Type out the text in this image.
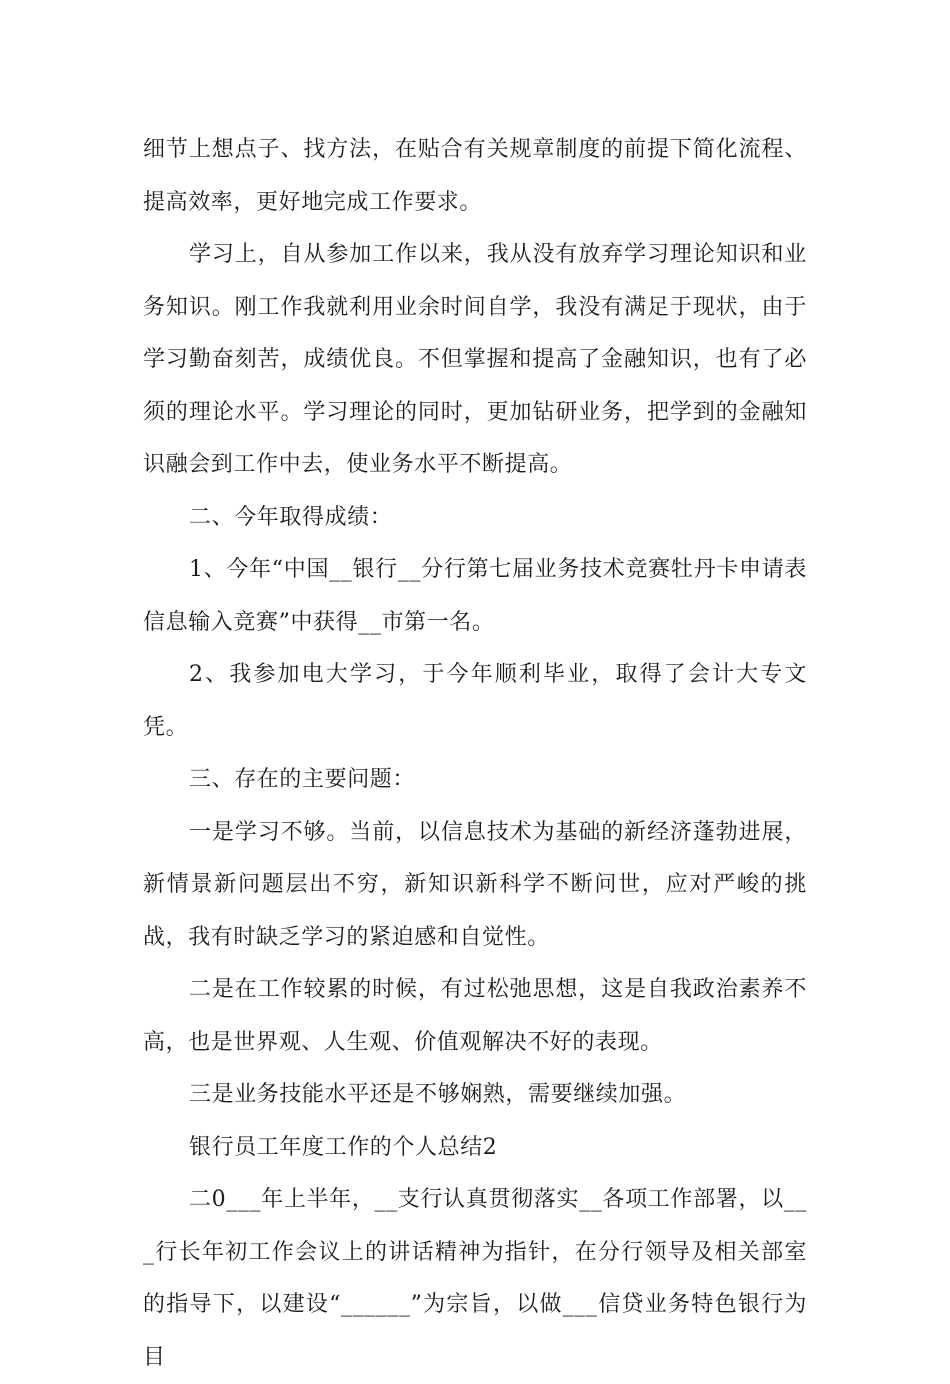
细节上想点子、找方法，在贴合有关规章制度的前提下简化流程、提高效率，更好地完成工作要求。

学习上，自从参加工作以来，我从没有放弃学习理论知识和业务知识。刚工作我就利用业余时间自学，我没有满足于现状，由于学习勤奋刻苦，成绩优良。不但掌握和提高了金融知识，也有了必须的理论水平。学习理论的同时，更加钻研业务，把学到的金融知识融会到工作中去，使业务水平不断提高。

二、今年取得成绩：

1、今年“中国__银行__分行第七届业务技术竞赛牡丹卡申请表信息输入竞赛”中获得__市第一名。

2、我参加电大学习，于今年顺利毕业，取得了会计大专文凭。

三、存在的主要问题：

一是学习不够。当前，以信息技术为基础的新经济蓬勃进展，新情景新问题层出不穷，新知识新科学不断问世，应对严峻的挑战，我有时缺乏学习的紧迫感和自觉性。

二是在工作较累的时候，有过松弛思想，这是自我政治素养不高，也是世界观、人生观、价值观解决不好的表现。

三是业务技能水平还是不够娴熟，需要继续加强。

银行员工年度工作的个人总结2

二0___年上半年，__支行认真贯彻落实__各项工作部署，以___行长年初工作会议上的讲话精神为指针，在分行领导及相关部室的指导下，以建设“______”为宗旨，以做___信贷业务特色银行为目
